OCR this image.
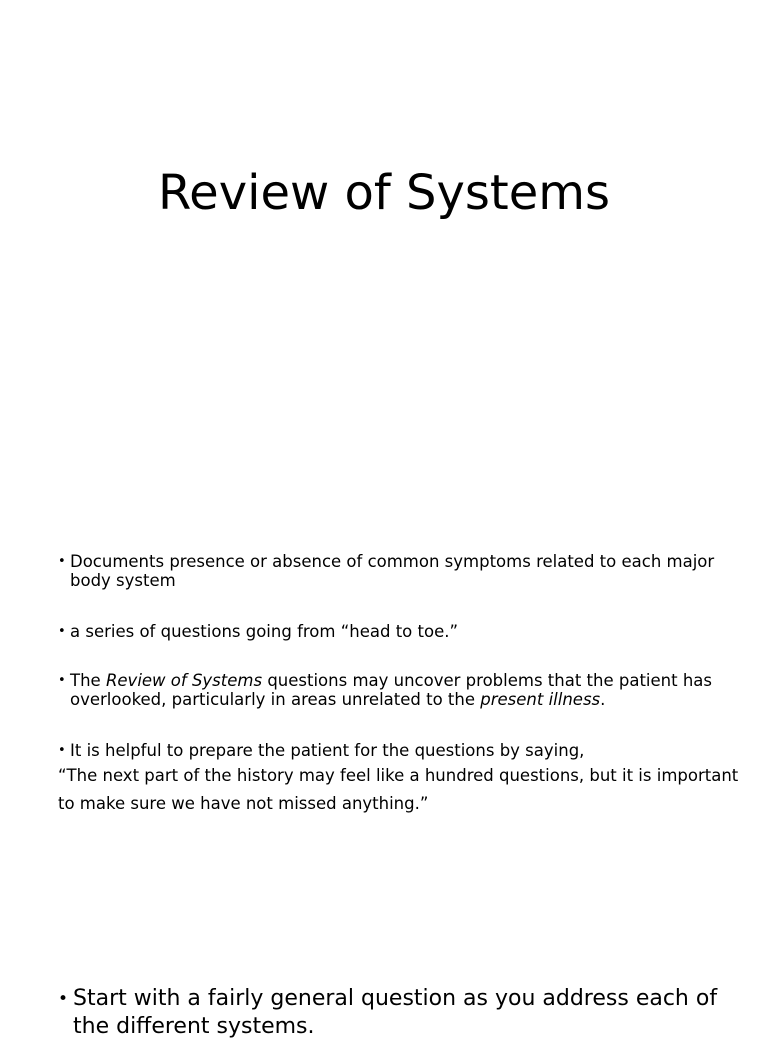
Review of Systems
• Documents presence or absence of common symptoms related to each major body system
• a series of questions going from “head to toe.”
• The Review of Systems questions may uncover problems that the patient has overlooked, particularly in areas unrelated to the present illness.
• It is helpful to prepare the patient for the questions by saying,
“The next part of the history may feel like a hundred questions, but it is important to make sure we have not missed anything.”
• Start with a fairly general question as you address each of the different systems.
